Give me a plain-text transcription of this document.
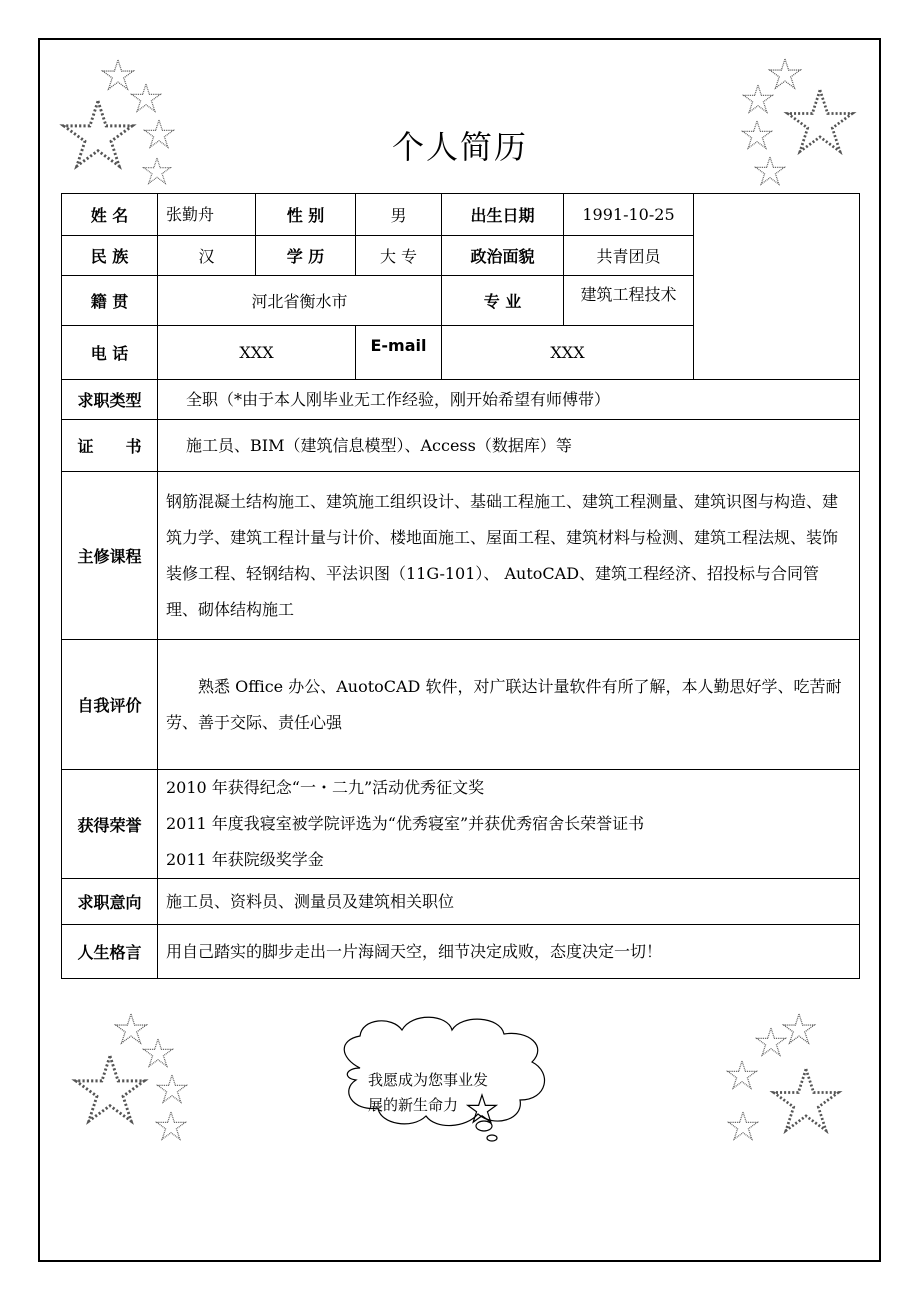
个人简历
姓 名	张勤舟	性 别	男	出生日期	1991-10-25	
民 族	汉	学 历	大 专	政治面貌	共青团员	
籍 贯	河北省衡水市			专 业	建筑工程技术	
电 话	XXX		E-mail	XXX		
求职类型	全职（*由于本人刚毕业无工作经验，刚开始希望有师傅带）					
证　　书	施工员、BIM（建筑信息模型）、Access（数据库）等					
主修课程	钢筋混凝土结构施工、建筑施工组织设计、基础工程施工、建筑工程测量、建筑识图与构造、建筑力学、建筑工程计量与计价、楼地面施工、屋面工程、建筑材料与检测、建筑工程法规、装饰装修工程、轻钢结构、平法识图（11G-101）、 AutoCAD、建筑工程经济、招投标与合同管理、砌体结构施工					
自我评价	熟悉 Office 办公、AuotoCAD 软件，对广联达计量软件有所了解，本人勤思好学、吃苦耐劳、善于交际、责任心强					
获得荣誉	2010 年获得纪念“一・二九”活动优秀征文奖
2011 年度我寝室被学院评选为“优秀寝室”并获优秀宿舍长荣誉证书
2011 年获院级奖学金					

求职意向	施工员、资料员、测量员及建筑相关职位					
人生格言	用自己踏实的脚步走出一片海阔天空，细节决定成败，态度决定一切！					
我愿成为您事业发
展的新生命力
